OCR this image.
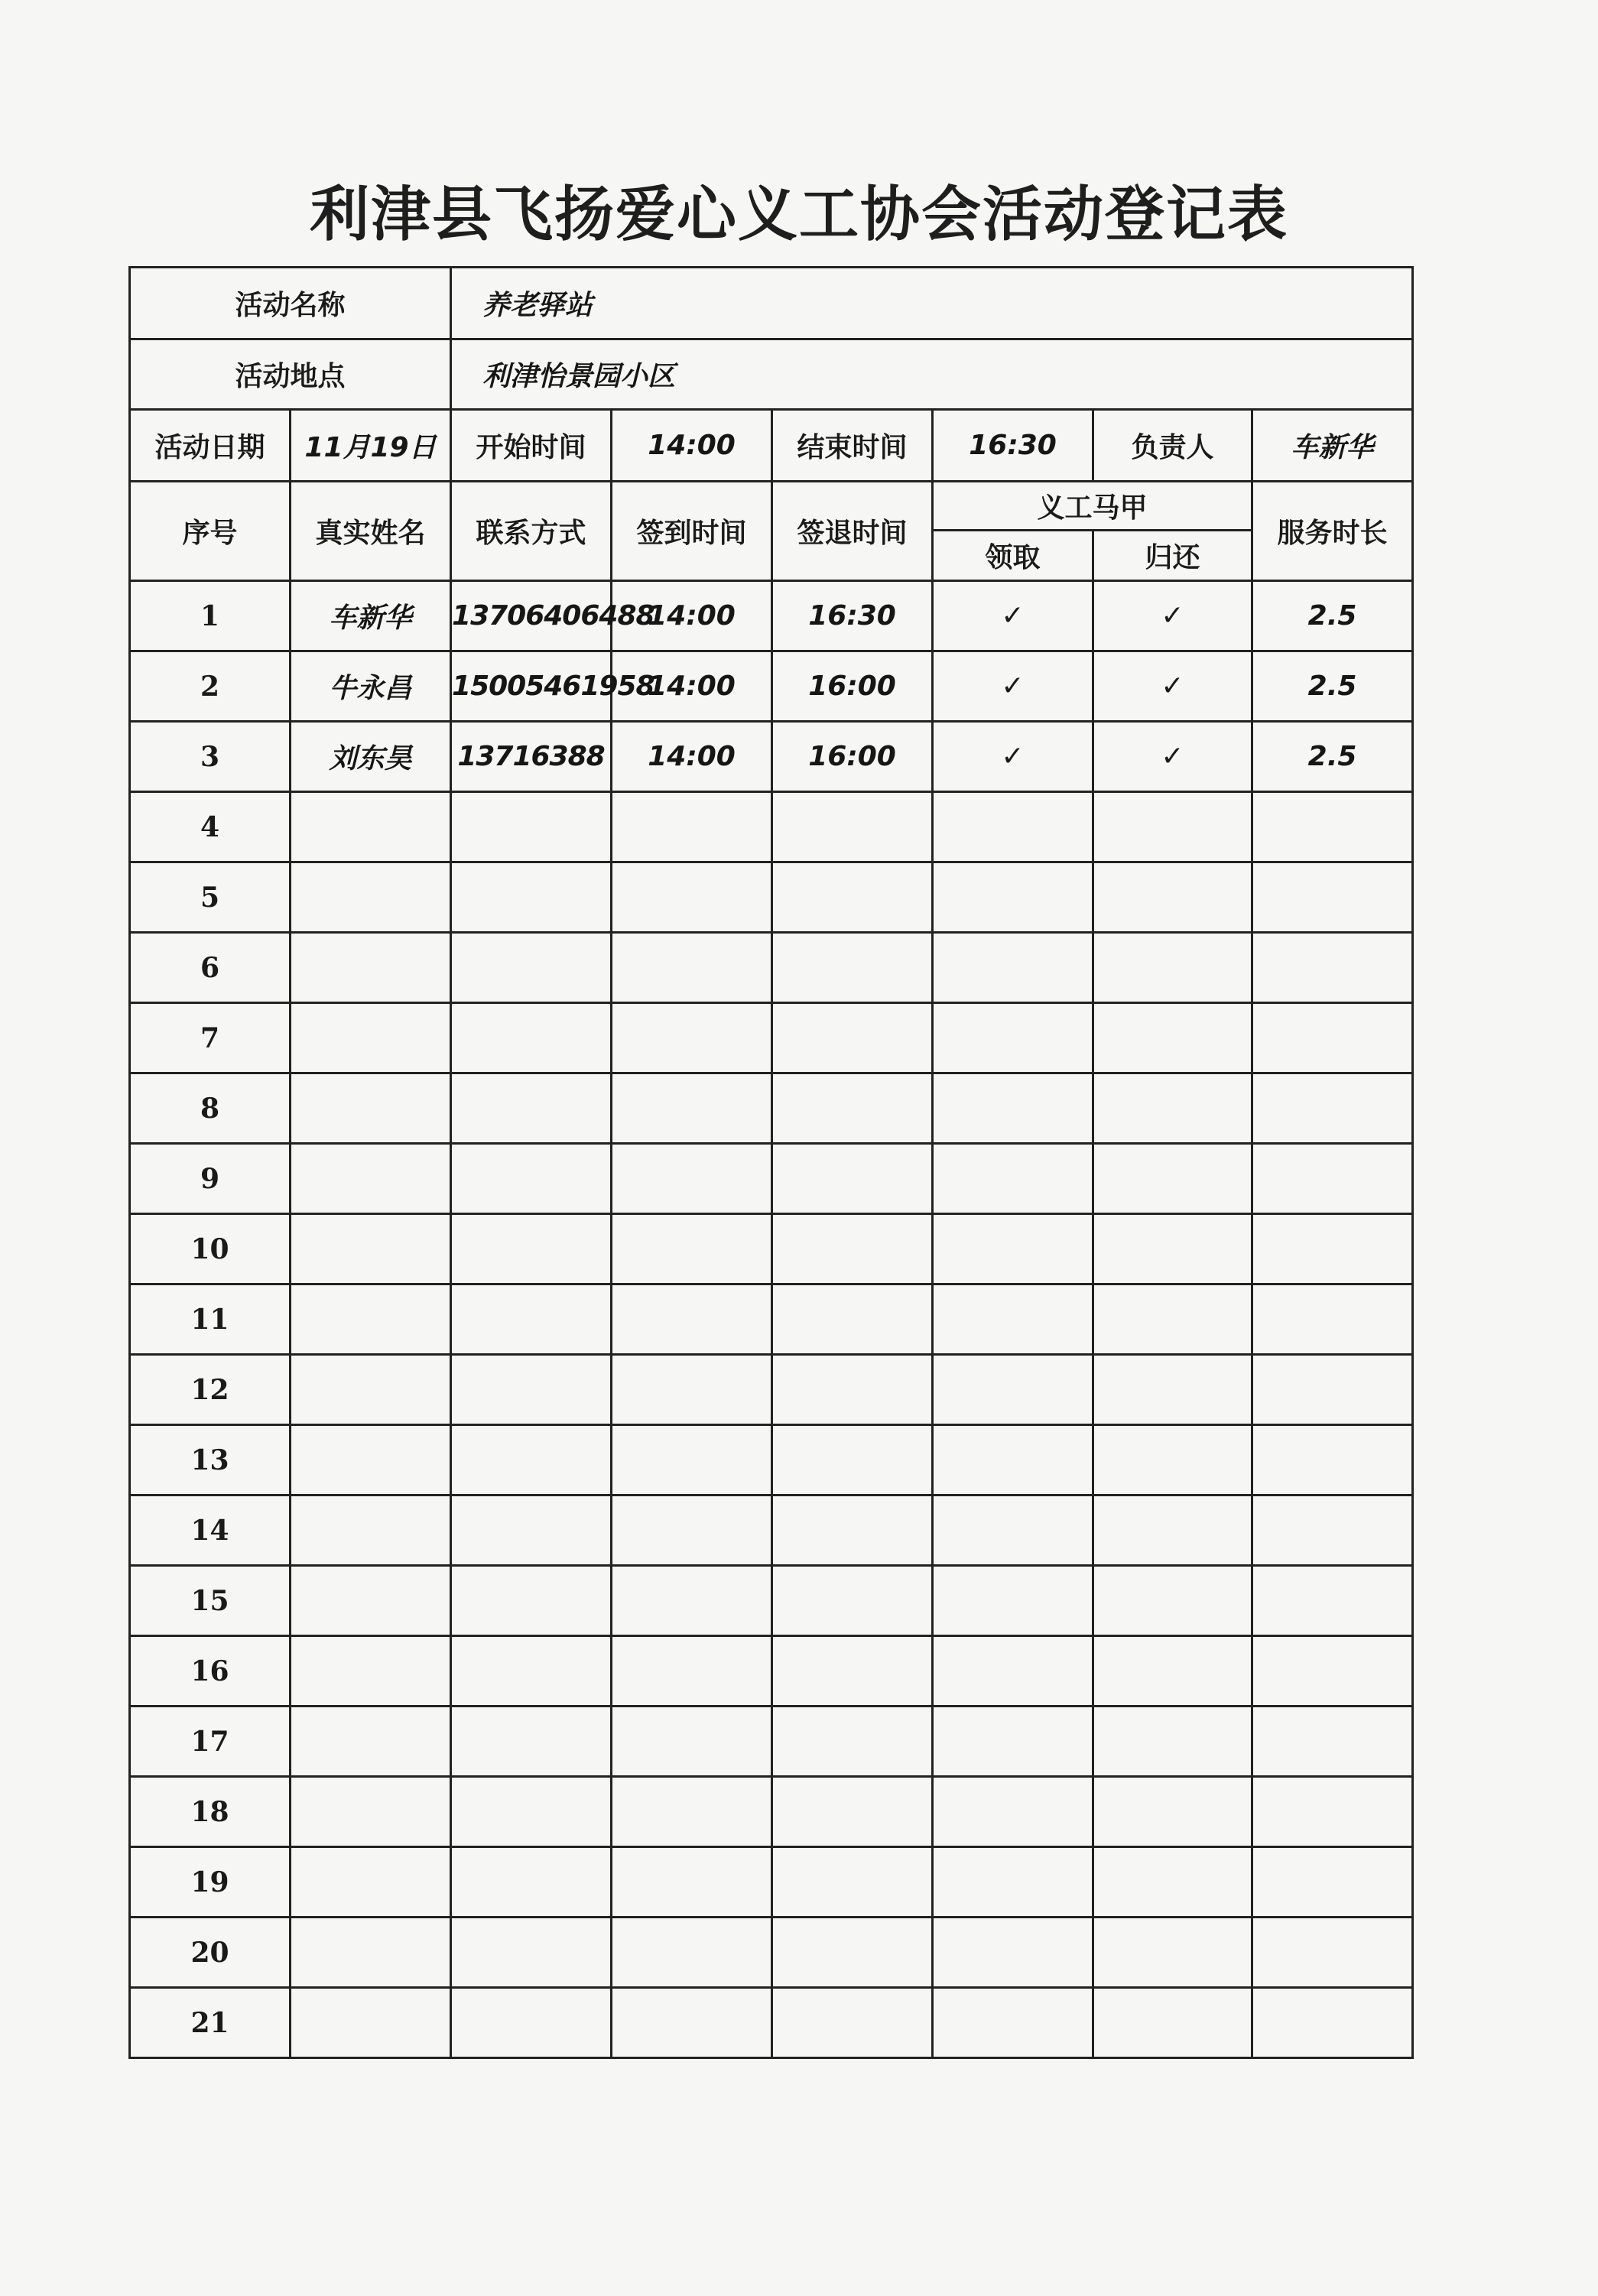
利津县飞扬爱心义工协会活动登记表
活动名称		养老驿站					
活动地点		利津怡景园小区					
活动日期	11月19日	开始时间	14:00	结束时间	16:30	负责人	车新华
序号	真实姓名	联系方式	签到时间	签退时间	义工马甲		服务时长
					领取	归还	
1	车新华	13706406488	14:00	16:30	✓	✓	2.5
2	牛永昌	15005461958	14:00	16:00	✓	✓	2.5
3	刘东昊	13716388	14:00	16:00	✓	✓	2.5
4							
5							
6							
7							
8							
9							
10							
11							
12							
13							
14							
15							
16							
17							
18							
19							
20							
21							
